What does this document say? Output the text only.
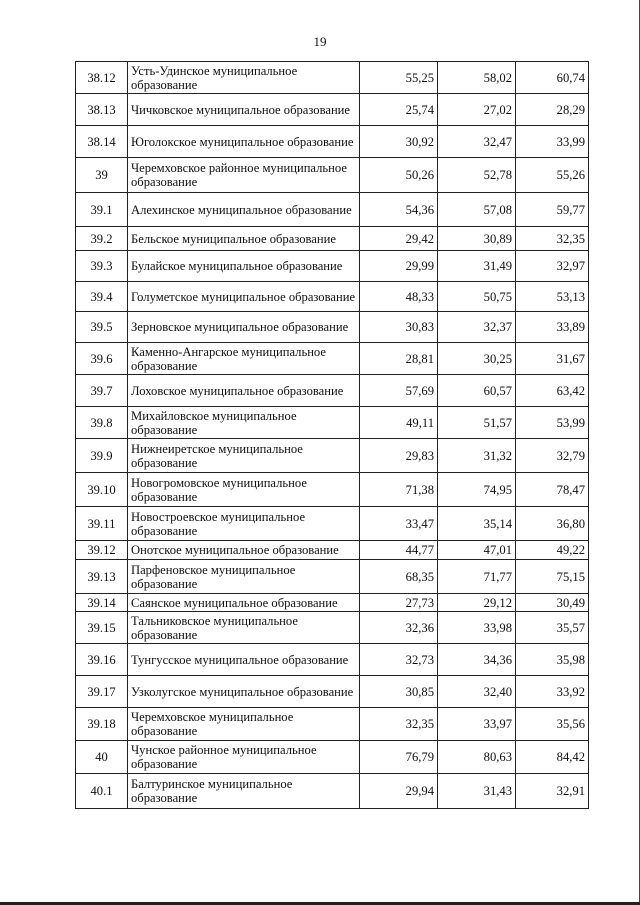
19
38.12	Усть-Удинское муниципальное образование	55,25	58,02	60,74
38.13	Чичковское муниципальное образование	25,74	27,02	28,29
38.14	Юголокское муниципальное образование	30,92	32,47	33,99
39	Черемховское районное муниципальное образование	50,26	52,78	55,26
39.1	Алехинское муниципальное образование	54,36	57,08	59,77
39.2	Бельское муниципальное образование	29,42	30,89	32,35
39.3	Булайское муниципальное образование	29,99	31,49	32,97
39.4	Голуметское муниципальное образование	48,33	50,75	53,13
39.5	Зерновское муниципальное образование	30,83	32,37	33,89
39.6	Каменно-Ангарское муниципальное образование	28,81	30,25	31,67
39.7	Лоховское муниципальное образование	57,69	60,57	63,42
39.8	Михайловское муниципальное образование	49,11	51,57	53,99
39.9	Нижнеиретское муниципальное образование	29,83	31,32	32,79
39.10	Новогромовское муниципальное образование	71,38	74,95	78,47
39.11	Новостроевское муниципальное образование	33,47	35,14	36,80
39.12	Онотское муниципальное образование	44,77	47,01	49,22
39.13	Парфеновское муниципальное образование	68,35	71,77	75,15
39.14	Саянское муниципальное образование	27,73	29,12	30,49
39.15	Тальниковское муниципальное образование	32,36	33,98	35,57
39.16	Тунгусское муниципальное образование	32,73	34,36	35,98
39.17	Узколугское муниципальное образование	30,85	32,40	33,92
39.18	Черемховское муниципальное образование	32,35	33,97	35,56
40	Чунское районное муниципальное образование	76,79	80,63	84,42
40.1	Балтуринское муниципальное образование	29,94	31,43	32,91
